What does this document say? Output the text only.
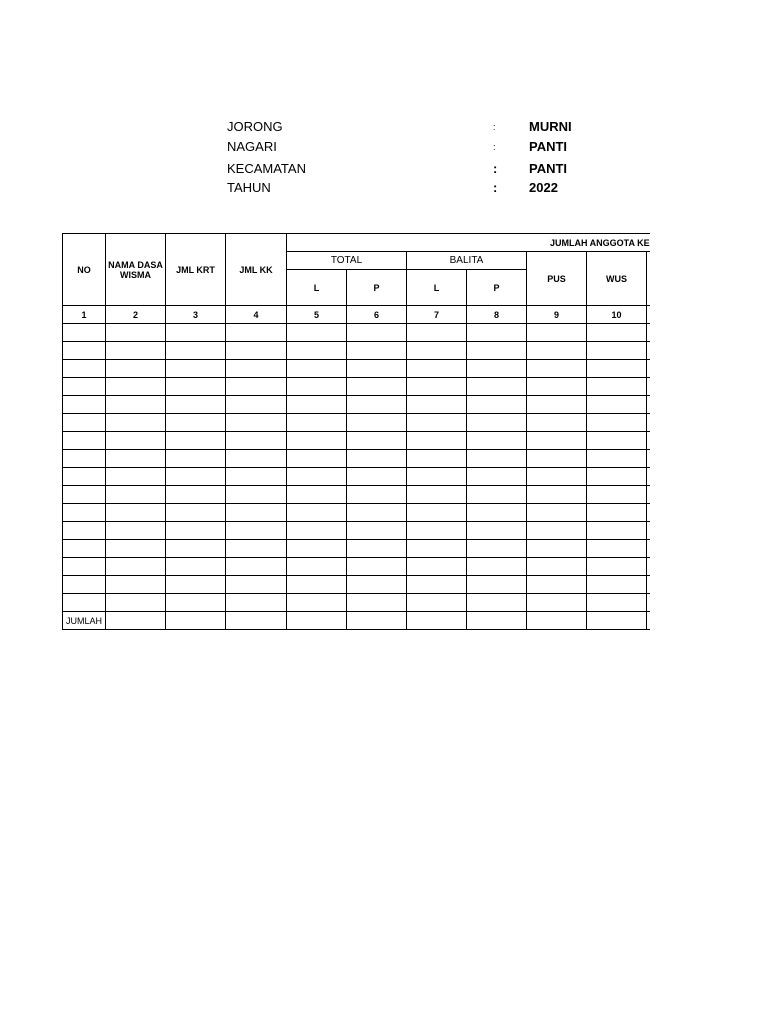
JORONG	:	MURNI
NAGARI	:	PANTI
KECAMATAN	: PANTI
TAHUN	: 2022
NO	NAMA DASA WISMA	JML KRT	JML KK	JUMLAH ANGGOTA KE						
				TOTAL		BALITA		PUS	WUS	
				L	P	L	P			
1	2	3	4	5	6	7	8	9	10	

JUMLAH										
